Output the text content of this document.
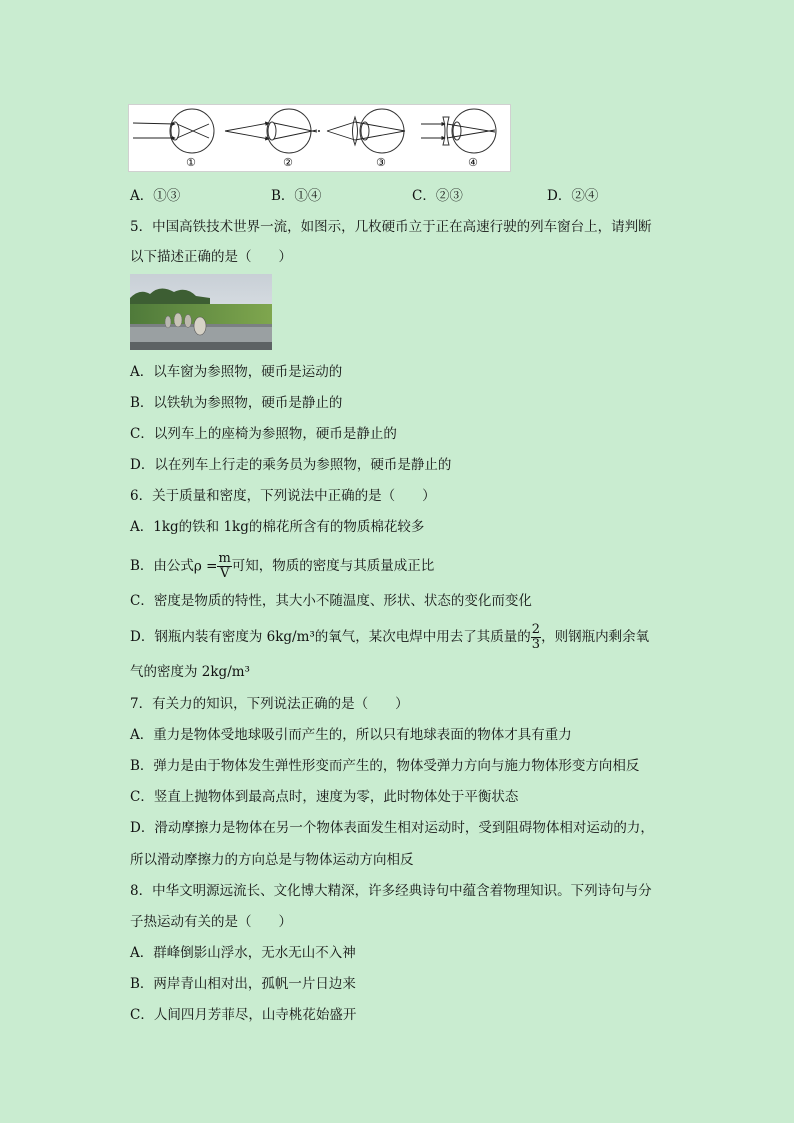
①	②	③	④
A．①③	B．①④	C．②③	D．②④
5．中国高铁技术世界一流，如图示，几枚硬币立于正在高速行驶的列车窗台上，请判断
以下描述正确的是（　　）
A．以车窗为参照物，硬币是运动的
B．以铁轨为参照物，硬币是静止的
C．以列车上的座椅为参照物，硬币是静止的
D．以在列车上行走的乘务员为参照物，硬币是静止的
6．关于质量和密度，下列说法中正确的是（　　）
A．1kg的铁和 1kg的棉花所含有的物质棉花较多
B．由公式$\rho = \frac{m}{V}$ 可知，物质的密度与其质量成正比
C．密度是物质的特性，其大小不随温度、形状、状态的变化而变化
D．钢瓶内装有密度为 6kg/m³的氧气，某次电焊中用去了其质量的 $\frac{2}{3}$ ，则钢瓶内剩余氧
气的密度为 2kg/m³
7．有关力的知识，下列说法正确的是（　　）
A．重力是物体受地球吸引而产生的，所以只有地球表面的物体才具有重力
B．弹力是由于物体发生弹性形变而产生的，物体受弹力方向与施力物体形变方向相反
C．竖直上抛物体到最高点时，速度为零，此时物体处于平衡状态
D．滑动摩擦力是物体在另一个物体表面发生相对运动时，受到阻碍物体相对运动的力，
所以滑动摩擦力的方向总是与物体运动方向相反
8．中华文明源远流长、文化博大精深，许多经典诗句中蕴含着物理知识。下列诗句与分
子热运动有关的是（　　）
A．群峰倒影山浮水，无水无山不入神
B．两岸青山相对出，孤帆一片日边来
C．人间四月芳菲尽，山寺桃花始盛开
